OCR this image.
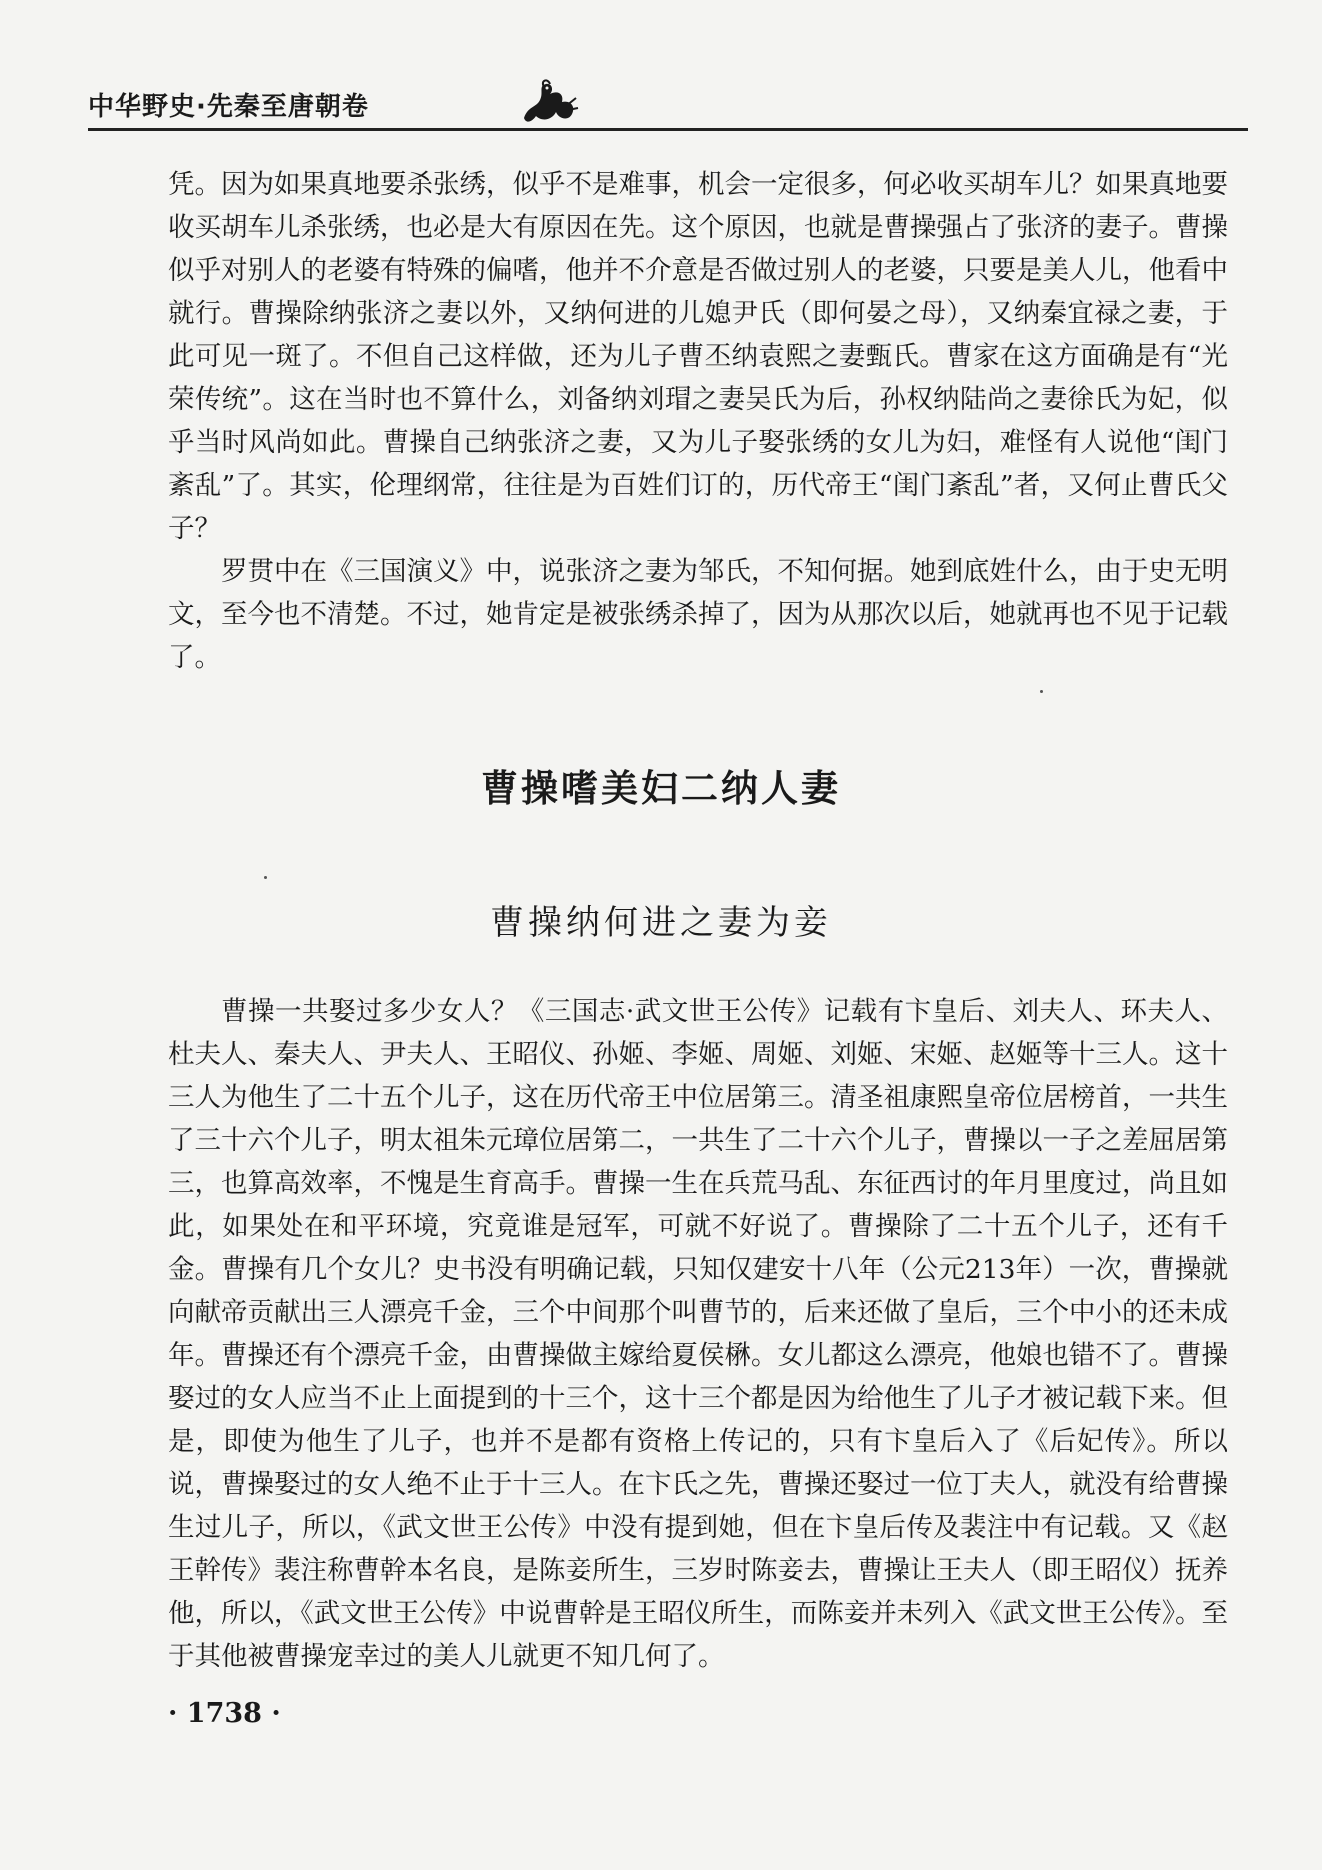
中华野史·先秦至唐朝卷

凭。因为如果真地要杀张绣，似乎不是难事，机会一定很多，何必收买胡车儿？如果真地要收买胡车儿杀张绣，也必是大有原因在先。这个原因，也就是曹操强占了张济的妻子。曹操似乎对别人的老婆有特殊的偏嗜，他并不介意是否做过别人的老婆，只要是美人儿，他看中就行。曹操除纳张济之妻以外，又纳何进的儿媳尹氏（即何晏之母），又纳秦宜禄之妻，于此可见一斑了。不但自己这样做，还为儿子曹丕纳袁熙之妻甄氏。曹家在这方面确是有“光荣传统”。这在当时也不算什么，刘备纳刘瑁之妻吴氏为后，孙权纳陆尚之妻徐氏为妃，似乎当时风尚如此。曹操自己纳张济之妻，又为儿子娶张绣的女儿为妇，难怪有人说他“闺门紊乱”了。其实，伦理纲常，往往是为百姓们订的，历代帝王“闺门紊乱”者，又何止曹氏父子？

罗贯中在《三国演义》中，说张济之妻为邹氏，不知何据。她到底姓什么，由于史无明文，至今也不清楚。不过，她肯定是被张绣杀掉了，因为从那次以后，她就再也不见于记载了。

曹操嗜美妇二纳人妻
曹操纳何进之妻为妾

曹操一共娶过多少女人？《三国志·武文世王公传》记载有卞皇后、刘夫人、环夫人、杜夫人、秦夫人、尹夫人、王昭仪、孙姬、李姬、周姬、刘姬、宋姬、赵姬等十三人。这十三人为他生了二十五个儿子，这在历代帝王中位居第三。清圣祖康熙皇帝位居榜首，一共生了三十六个儿子，明太祖朱元璋位居第二，一共生了二十六个儿子，曹操以一子之差屈居第三，也算高效率，不愧是生育高手。曹操一生在兵荒马乱、东征西讨的年月里度过，尚且如此，如果处在和平环境，究竟谁是冠军，可就不好说了。曹操除了二十五个儿子，还有千金。曹操有几个女儿？史书没有明确记载，只知仅建安十八年（公元213年）一次，曹操就向献帝贡献出三人漂亮千金，三个中间那个叫曹节的，后来还做了皇后，三个中小的还未成年。曹操还有个漂亮千金，由曹操做主嫁给夏侯楙。女儿都这么漂亮，他娘也错不了。曹操娶过的女人应当不止上面提到的十三个，这十三个都是因为给他生了儿子才被记载下来。但是，即使为他生了儿子，也并不是都有资格上传记的，只有卞皇后入了《后妃传》。所以说，曹操娶过的女人绝不止于十三人。在卞氏之先，曹操还娶过一位丁夫人，就没有给曹操生过儿子，所以，《武文世王公传》中没有提到她，但在卞皇后传及裴注中有记载。又《赵王幹传》裴注称曹幹本名良，是陈妾所生，三岁时陈妾去，曹操让王夫人（即王昭仪）抚养他，所以，《武文世王公传》中说曹幹是王昭仪所生，而陈妾并未列入《武文世王公传》。至于其他被曹操宠幸过的美人儿就更不知几何了。

· 1738 ·
